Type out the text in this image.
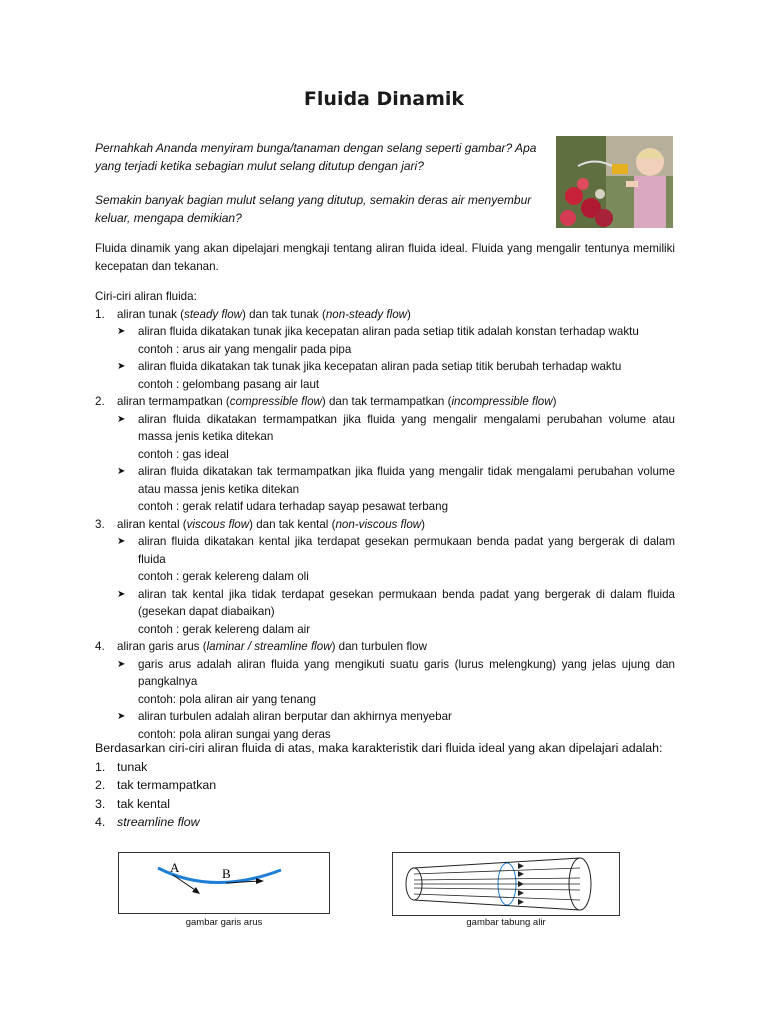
Fluida Dinamik

Pernahkah Ananda menyiram bunga/tanaman dengan selang seperti gambar? Apa yang terjadi ketika sebagian mulut selang ditutup dengan jari?

Semakin banyak bagian mulut selang yang ditutup, semakin deras air menyembur keluar, mengapa demikian?

Fluida dinamik yang akan dipelajari mengkaji tentang aliran fluida ideal. Fluida yang mengalir tentunya memiliki kecepatan dan tekanan.
Ciri-ciri aliran fluida:
1.	aliran tunak (steady flow) dan tak tunak (non-steady flow)
➤	aliran fluida dikatakan tunak jika kecepatan aliran pada setiap titik adalah konstan terhadap waktu
contoh : arus air yang mengalir pada pipa
➤	aliran fluida dikatakan tak tunak jika kecepatan aliran pada setiap titik berubah terhadap waktu
contoh : gelombang pasang air laut
2.	aliran termampatkan (compressible flow) dan tak termampatkan (incompressible flow)
➤	aliran fluida dikatakan termampatkan jika fluida yang mengalir mengalami perubahan volume atau massa jenis ketika ditekan
contoh : gas ideal
➤	aliran fluida dikatakan tak termampatkan jika fluida yang mengalir tidak mengalami perubahan volume atau massa jenis ketika ditekan
contoh : gerak relatif udara terhadap sayap pesawat terbang
3.	aliran kental (viscous flow) dan tak kental (non-viscous flow)
➤	aliran fluida dikatakan kental jika terdapat gesekan permukaan benda padat yang bergerak di dalam fluida
contoh : gerak kelereng dalam oli
➤	aliran tak kental jika tidak terdapat gesekan permukaan benda padat yang bergerak di dalam fluida (gesekan dapat diabaikan)
contoh : gerak kelereng dalam air
4.	aliran garis arus (laminar / streamline flow) dan turbulen flow
➤	garis arus adalah aliran fluida yang mengikuti suatu garis (lurus melengkung) yang jelas ujung dan pangkalnya
contoh: pola aliran air yang tenang
➤	aliran turbulen adalah aliran berputar dan akhirnya menyebar
contoh: pola aliran sungai yang deras
Berdasarkan ciri-ciri aliran fluida di atas, maka karakteristik dari fluida ideal yang akan dipelajari adalah:
1. tunak
2. tak termampatkan
3. tak kental
4. streamline flow
A	B
gambar garis arus	gambar tabung alir
